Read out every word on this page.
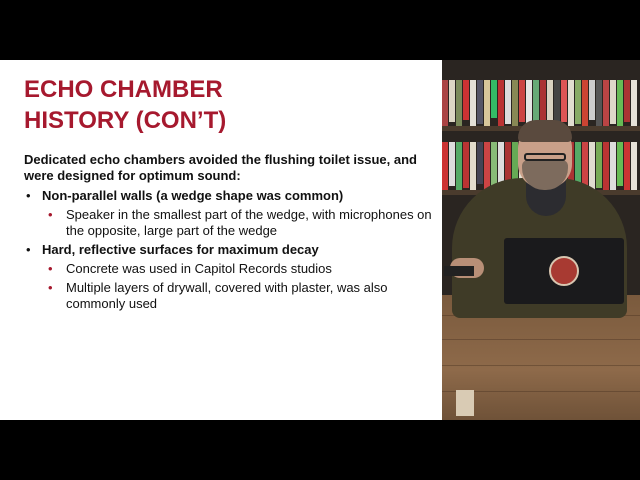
ECHO CHAMBER
HISTORY (CON’T)
Dedicated echo chambers avoided the flushing toilet issue, and were designed for optimum sound:
• Non-parallel walls (a wedge shape was common)
• Speaker in the smallest part of the wedge, with microphones on the opposite, large part of the wedge
• Hard, reflective surfaces for maximum decay
• Concrete was used in Capitol Records studios
• Multiple layers of drywall, covered with plaster, was also commonly used
